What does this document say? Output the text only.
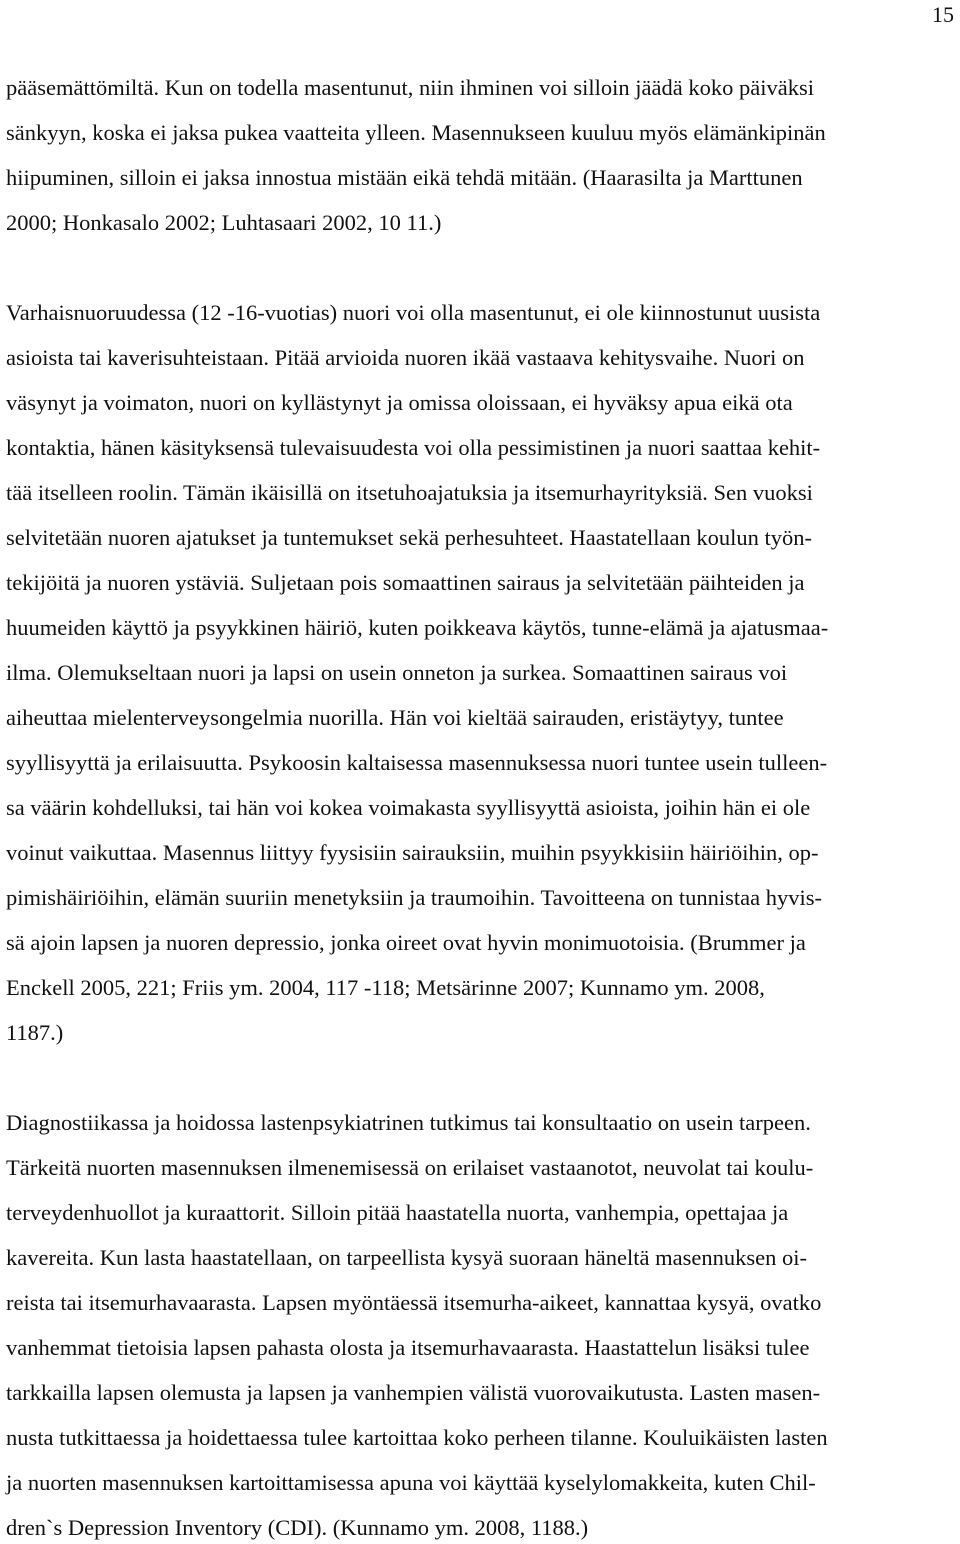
15
pääsemättömiltä. Kun on todella masentunut, niin ihminen voi silloin jäädä koko päiväksi
sänkyyn, koska ei jaksa pukea vaatteita ylleen. Masennukseen kuuluu myös elämänkipinän
hiipuminen, silloin ei jaksa innostua mistään eikä tehdä mitään. (Haarasilta ja Marttunen
2000; Honkasalo 2002; Luhtasaari 2002, 10 11.)
Varhaisnuoruudessa (12 -16-vuotias) nuori voi olla masentunut, ei ole kiinnostunut uusista
asioista tai kaverisuhteistaan. Pitää arvioida nuoren ikää vastaava kehitysvaihe. Nuori on
väsynyt ja voimaton, nuori on kyllästynyt ja omissa oloissaan, ei hyväksy apua eikä ota
kontaktia, hänen käsityksensä tulevaisuudesta voi olla pessimistinen ja nuori saattaa kehit-
tää itselleen roolin. Tämän ikäisillä on itsetuhoajatuksia ja itsemurhayrityksiä. Sen vuoksi
selvitetään nuoren ajatukset ja tuntemukset sekä perhesuhteet. Haastatellaan koulun työn-
tekijöitä ja nuoren ystäviä. Suljetaan pois somaattinen sairaus ja selvitetään päihteiden ja
huumeiden käyttö ja psyykkinen häiriö, kuten poikkeava käytös, tunne-elämä ja ajatusmaa-
ilma. Olemukseltaan nuori ja lapsi on usein onneton ja surkea. Somaattinen sairaus voi
aiheuttaa mielenterveysongelmia nuorilla. Hän voi kieltää sairauden, eristäytyy, tuntee
syyllisyyttä ja erilaisuutta. Psykoosin kaltaisessa masennuksessa nuori tuntee usein tulleen-
sa väärin kohdelluksi, tai hän voi kokea voimakasta syyllisyyttä asioista, joihin hän ei ole
voinut vaikuttaa. Masennus liittyy fyysisiin sairauksiin, muihin psyykkisiin häiriöihin, op-
pimishäiriöihin, elämän suuriin menetyksiin ja traumoihin. Tavoitteena on tunnistaa hyvis-
sä ajoin lapsen ja nuoren depressio, jonka oireet ovat hyvin monimuotoisia. (Brummer ja
Enckell 2005, 221; Friis ym. 2004, 117 -118; Metsärinne 2007; Kunnamo ym. 2008,
1187.)
Diagnostiikassa ja hoidossa lastenpsykiatrinen tutkimus tai konsultaatio on usein tarpeen.
Tärkeitä nuorten masennuksen ilmenemisessä on erilaiset vastaanotot, neuvolat tai koulu-
terveydenhuollot ja kuraattorit. Silloin pitää haastatella nuorta, vanhempia, opettajaa ja
kavereita. Kun lasta haastatellaan, on tarpeellista kysyä suoraan häneltä masennuksen oi-
reista tai itsemurhavaarasta. Lapsen myöntäessä itsemurha-aikeet, kannattaa kysyä, ovatko
vanhemmat tietoisia lapsen pahasta olosta ja itsemurhavaarasta. Haastattelun lisäksi tulee
tarkkailla lapsen olemusta ja lapsen ja vanhempien välistä vuorovaikutusta. Lasten masen-
nusta tutkittaessa ja hoidettaessa tulee kartoittaa koko perheen tilanne. Kouluikäisten lasten
ja nuorten masennuksen kartoittamisessa apuna voi käyttää kyselylomakkeita, kuten Chil-
dren`s Depression Inventory (CDI). (Kunnamo ym. 2008, 1188.)
